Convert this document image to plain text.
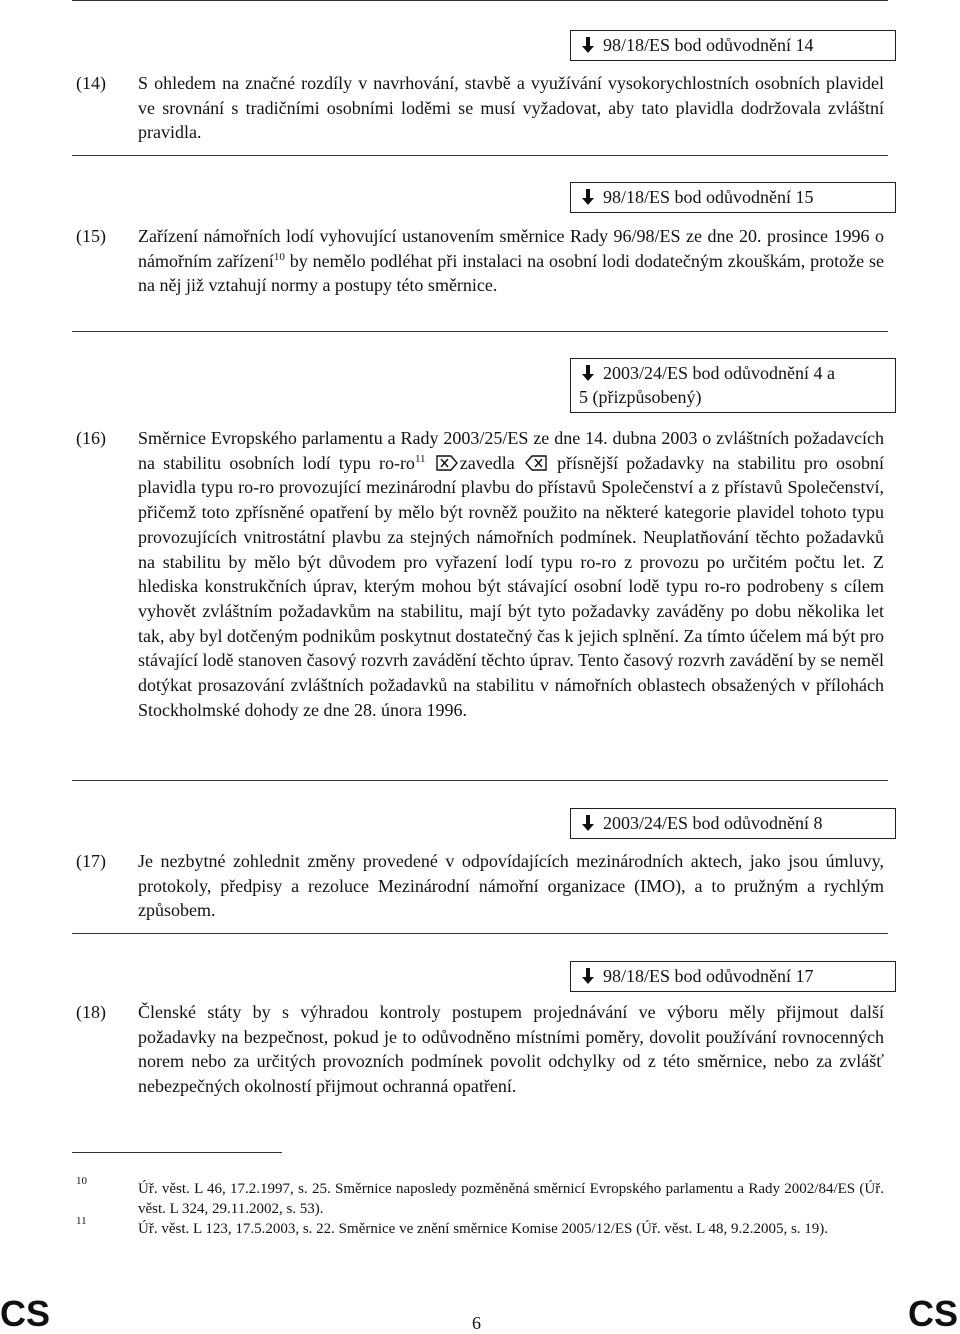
98/18/ES bod odůvodnění 14
(14)	S ohledem na značné rozdíly v navrhování, stavbě a využívání vysokorychlostních osobních plavidel ve srovnání s tradičními osobními loděmi se musí vyžadovat, aby tato plavidla dodržovala zvláštní pravidla.
98/18/ES bod odůvodnění 15
(15)	Zařízení námořních lodí vyhovující ustanovením směrnice Rady 96/98/ES ze dne 20. prosince 1996 o námořním zařízení$^{10}$ by nemělo podléhat při instalaci na osobní lodi dodatečným zkouškám, protože se na něj již vztahují normy a postupy této směrnice.
2003/24/ES bod odůvodnění 4 a
5 (přizpůsobený)
(16)	Směrnice Evropského parlamentu a Rady 2003/25/ES ze dne 14. dubna 2003 o zvláštních požadavcích na stabilitu osobních lodí typu $ro-ro^{11}$ zavedla přísnější požadavky na stabilitu pro osobní plavidla typu ro-ro provozující mezinárodní plavbu do přístavů Společenství a z přístavů Společenství, přičemž toto zpřísněné opatření by mělo být rovněž použito na některé kategorie plavidel tohoto typu provozujících vnitrostátní plavbu za stejných námořních podmínek. Neuplatňování těchto požadavků na stabilitu by mělo být důvodem pro vyřazení lodí typu ro-ro z provozu po určitém počtu let. Z hlediska konstrukčních úprav, kterým mohou být stávající osobní lodě typu ro-ro podrobeny s cílem vyhovět zvláštním požadavkům na stabilitu, mají být tyto požadavky zaváděny po dobu několika let tak, aby byl dotčeným podnikům poskytnut dostatečný čas k jejich splnění. Za tímto účelem má být pro stávající lodě stanoven časový rozvrh zavádění těchto úprav. Tento časový rozvrh zavádění by se neměl dotýkat prosazování zvláštních požadavků na stabilitu v námořních oblastech obsažených v přílohách Stockholmské dohody ze dne 28. února 1996.
2003/24/ES bod odůvodnění 8
(17)	Je nezbytné zohlednit změny provedené v odpovídajících mezinárodních aktech, jako jsou úmluvy, protokoly, předpisy a rezoluce Mezinárodní námořní organizace (IMO), a to pružným a rychlým způsobem.
98/18/ES bod odůvodnění 17
(18)	Členské státy by s výhradou kontroly postupem projednávání ve výboru měly přijmout další požadavky na bezpečnost, pokud je to odůvodněno místními poměry, dovolit používání rovnocenných norem nebo za určitých provozních podmínek povolit odchylky od z této směrnice, nebo za zvlášť nebezpečných okolností přijmout ochranná opatření.
10	Úř. věst. L 46, 17.2.1997, s. 25. Směrnice naposledy pozměněná směrnicí Evropského parlamentu a Rady 2002/84/ES (Úř. věst. L 324, 29.11.2002, s. 53).
11	Úř. věst. L 123, 17.5.2003, s. 22. Směrnice ve znění směrnice Komise 2005/12/ES (Úř. věst. L 48, 9.2.2005, s. 19).
CS	6	CS
